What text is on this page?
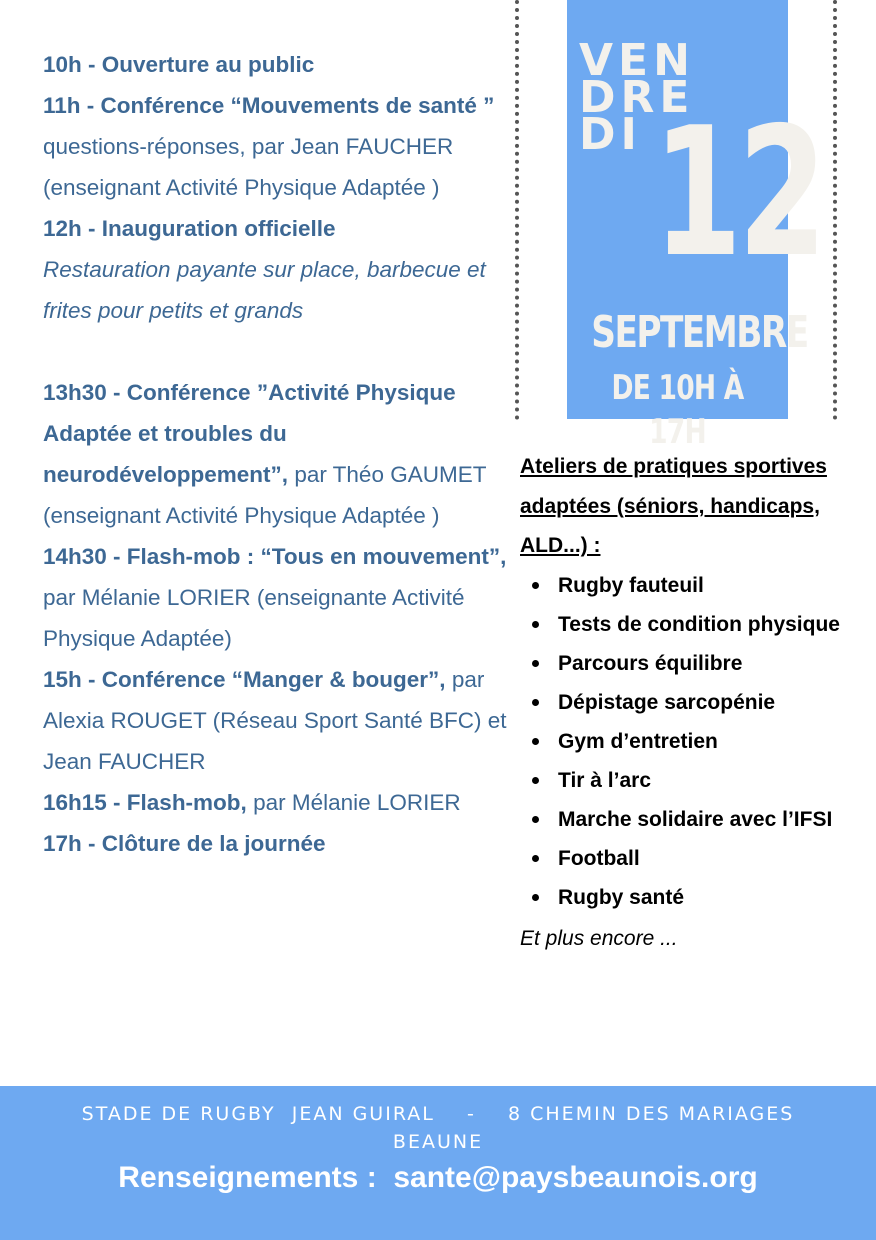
10h - Ouverture au public

11h - Conférence “Mouvements de santé ” questions-réponses, par Jean FAUCHER (enseignant Activité Physique Adaptée )

12h - Inauguration officielle

Restauration payante sur place, barbecue et frites pour petits et grands

13h30 - Conférence ”Activité Physique Adaptée et troubles du neurodéveloppement”, par Théo GAUMET (enseignant Activité Physique Adaptée )

14h30 - Flash-mob : “Tous en mouvement”, par Mélanie LORIER (enseignante Activité Physique Adaptée)

15h - Conférence “Manger & bouger”, par Alexia ROUGET (Réseau Sport Santé BFC) et Jean FAUCHER

16h15 - Flash-mob, par Mélanie LORIER

17h - Clôture de la journée

VEN
DRE
DI 12
SEPTEMBRE
DE 10H À 17H

Ateliers de pratiques sportives adaptées (séniors, handicaps, ALD...) :

Rugby fauteuil
Tests de condition physique
Parcours équilibre
Dépistage sarcopénie
Gym d’entretien
Tir à l’arc
Marche solidaire avec l’IFSI
Football
Rugby santé

Et plus encore ...

STADE DE RUGBY  JEAN GUIRAL    -    8 CHEMIN DES MARIAGES
BEAUNE
Renseignements :  sante@paysbeaunois.org
